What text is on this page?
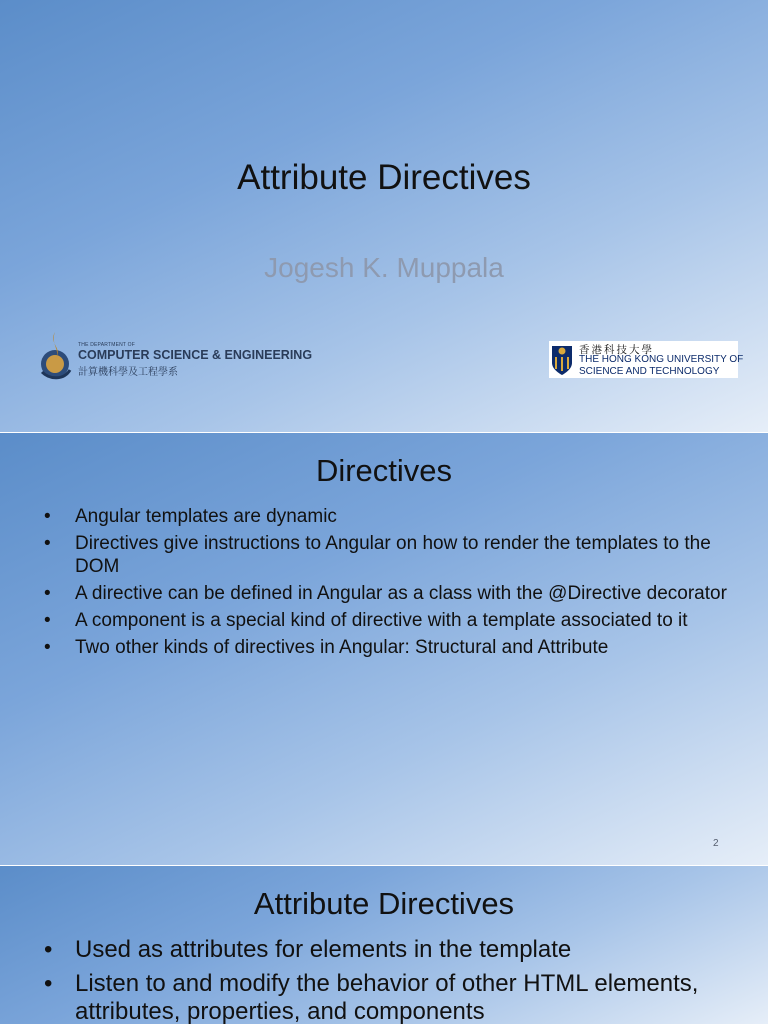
Attribute Directives
Jogesh K. Muppala
THE DEPARTMENT OF
COMPUTER SCIENCE & ENGINEERING
計算機科學及工程學系
香港科技大學
THE HONG KONG UNIVERSITY OF
SCIENCE AND TECHNOLOGY
Directives
• Angular templates are dynamic
• Directives give instructions to Angular on how to render the templates to the DOM
• A directive can be defined in Angular as a class with the @Directive decorator
• A component is a special kind of directive with a template associated to it
• Two other kinds of directives in Angular: Structural and Attribute
2
Attribute Directives
• Used as attributes for elements in the template
• Listen to and modify the behavior of other HTML elements, attributes, properties, and components
